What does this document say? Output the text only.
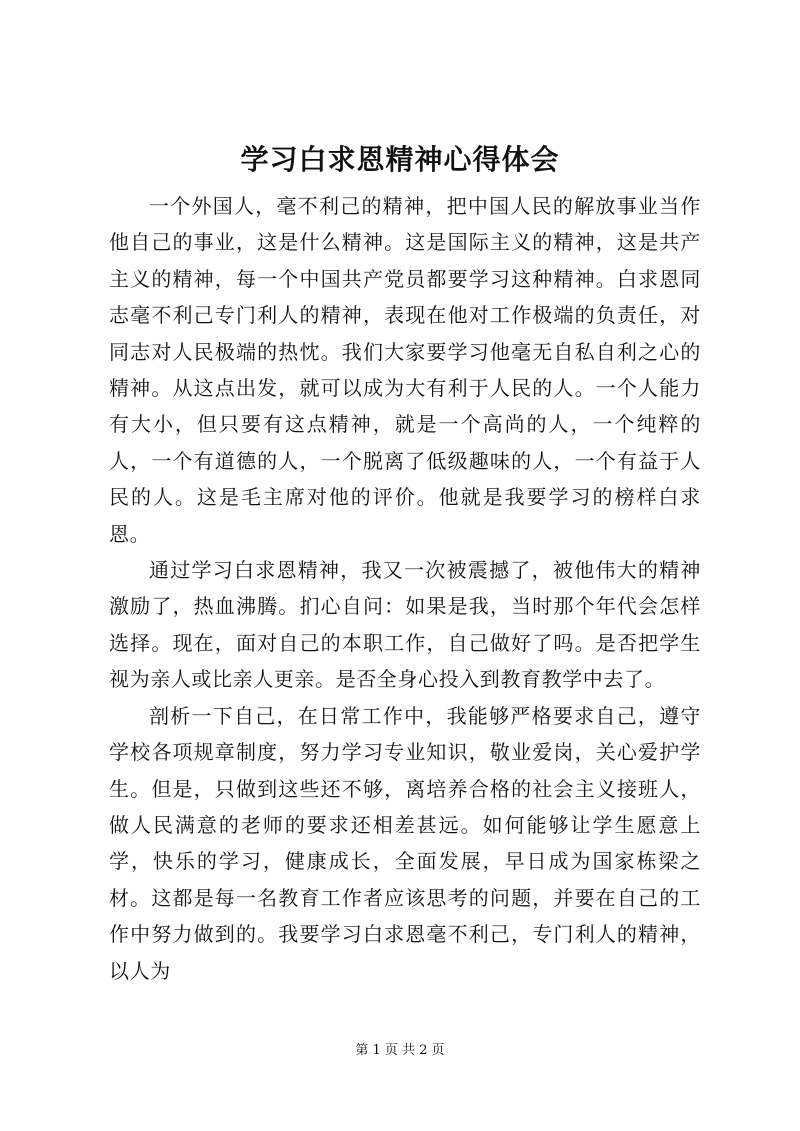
学习白求恩精神心得体会

一个外国人，毫不利己的精神，把中国人民的解放事业当作他自己的事业，这是什么精神。这是国际主义的精神，这是共产主义的精神，每一个中国共产党员都要学习这种精神。白求恩同志毫不利己专门利人的精神，表现在他对工作极端的负责任，对同志对人民极端的热忱。我们大家要学习他毫无自私自利之心的精神。从这点出发，就可以成为大有利于人民的人。一个人能力有大小，但只要有这点精神，就是一个高尚的人，一个纯粹的人，一个有道德的人，一个脱离了低级趣味的人，一个有益于人民的人。这是毛主席对他的评价。他就是我要学习的榜样白求恩。

通过学习白求恩精神，我又一次被震撼了，被他伟大的精神激励了，热血沸腾。扪心自问：如果是我，当时那个年代会怎样选择。现在，面对自己的本职工作，自己做好了吗。是否把学生视为亲人或比亲人更亲。是否全身心投入到教育教学中去了。

剖析一下自己，在日常工作中，我能够严格要求自己，遵守学校各项规章制度，努力学习专业知识，敬业爱岗，关心爱护学生。但是，只做到这些还不够，离培养合格的社会主义接班人，做人民满意的老师的要求还相差甚远。如何能够让学生愿意上学，快乐的学习，健康成长，全面发展，早日成为国家栋梁之材。这都是每一名教育工作者应该思考的问题，并要在自己的工作中努力做到的。我要学习白求恩毫不利己，专门利人的精神，以人为

第 1 页 共 2 页
